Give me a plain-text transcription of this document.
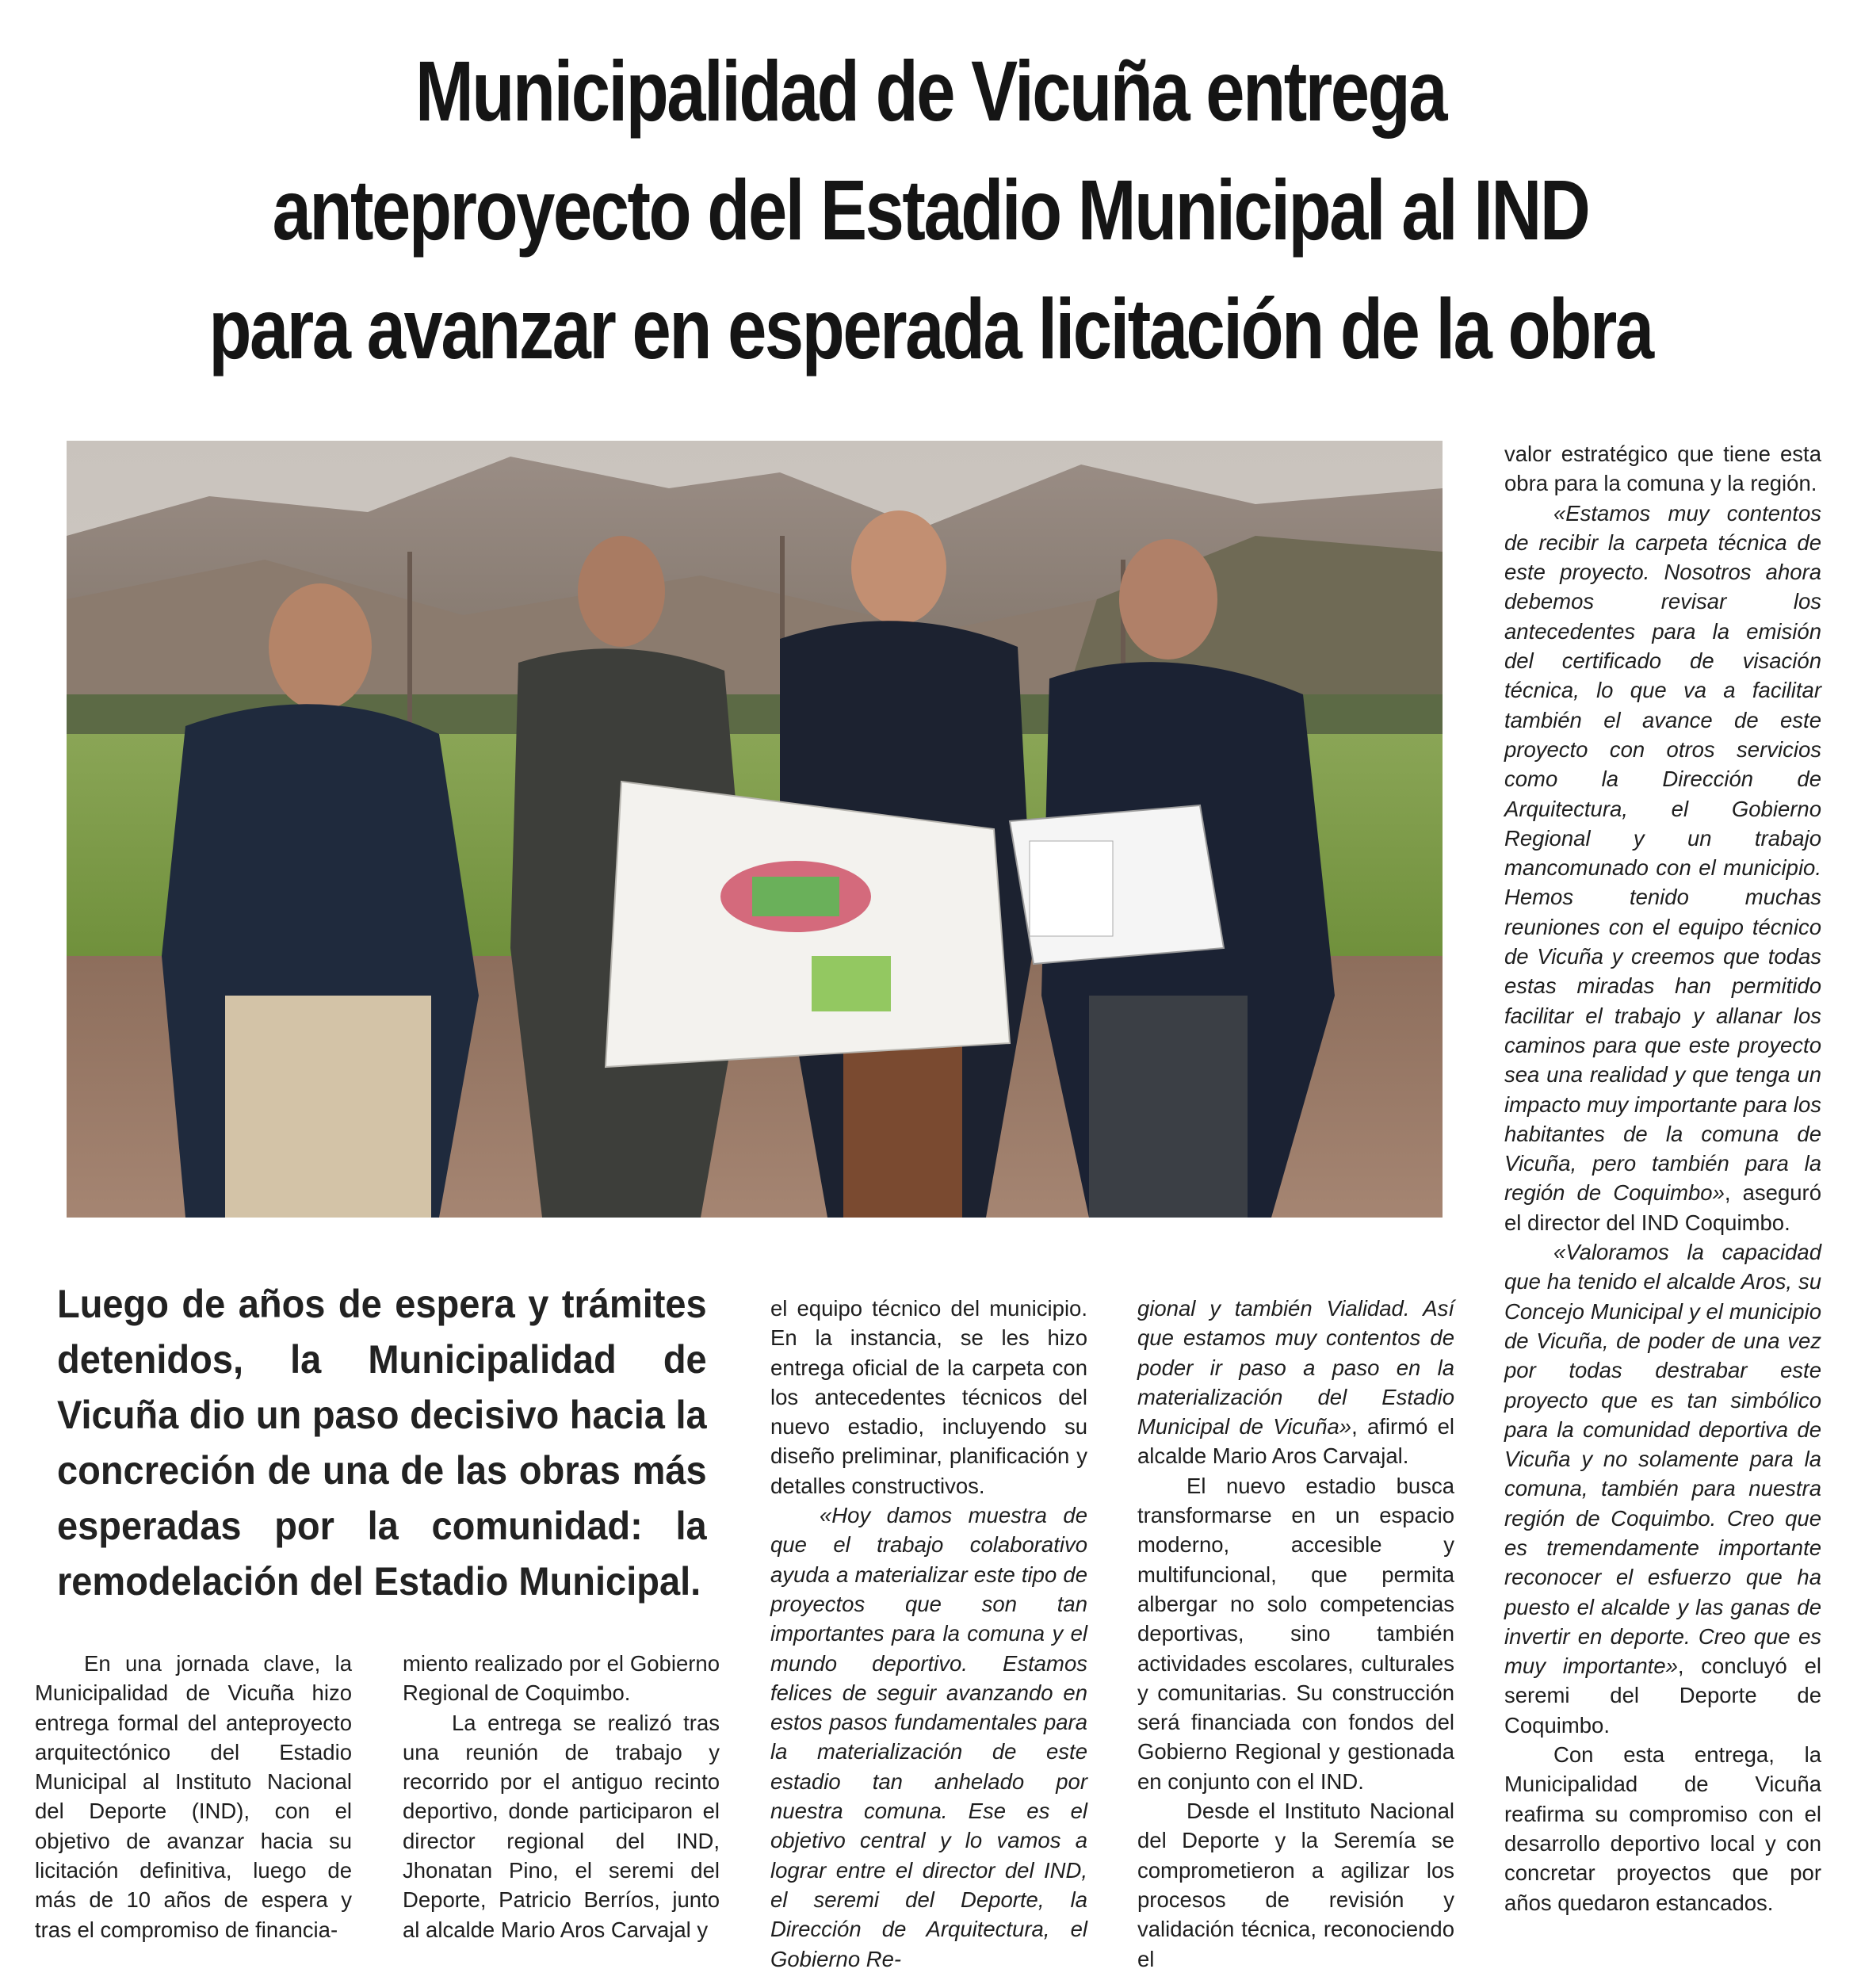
Municipalidad de Vicuña entrega
anteproyecto del Estadio Municipal al IND
para avanzar en esperada licitación de la obra
Luego de años de espera y trámites detenidos, la Municipalidad de Vicuña dio un paso decisivo hacia la concreción de una de las obras más esperadas por la comunidad: la remodelación del Estadio Municipal.

En una jornada clave, la Municipalidad de Vicuña hizo entrega formal del anteproyecto arquitectónico del Estadio Municipal al Instituto Nacional del Deporte (IND), con el objetivo de avanzar hacia su licitación definitiva, luego de más de 10 años de espera y tras el compromiso de financia-

miento realizado por el Gobierno Regional de Coquimbo.

La entrega se realizó tras una reunión de trabajo y recorrido por el antiguo recinto deportivo, donde participaron el director regional del IND, Jhonatan Pino, el seremi del Deporte, Patricio Berríos, junto al alcalde Mario Aros Carvajal y

el equipo técnico del municipio. En la instancia, se les hizo entrega oficial de la carpeta con los antecedentes técnicos del nuevo estadio, incluyendo su diseño preliminar, planificación y detalles constructivos.

«Hoy damos muestra de que el trabajo colaborativo ayuda a materializar este tipo de proyectos que son tan importantes para la comuna y el mundo deportivo. Estamos felices de seguir avanzando en estos pasos fundamentales para la materialización de este estadio tan anhelado por nuestra comuna. Ese es el objetivo central y lo vamos a lograr entre el director del IND, el seremi del Deporte, la Dirección de Arquitectura, el Gobierno Re-

gional y también Vialidad. Así que estamos muy contentos de poder ir paso a paso en la materialización del Estadio Municipal de Vicuña», afirmó el alcalde Mario Aros Carvajal.

El nuevo estadio busca transformarse en un espacio moderno, accesible y multifuncional, que permita albergar no solo competencias deportivas, sino también actividades escolares, culturales y comunitarias. Su construcción será financiada con fondos del Gobierno Regional y gestionada en conjunto con el IND.

Desde el Instituto Nacional del Deporte y la Seremía se comprometieron a agilizar los procesos de revisión y validación técnica, reconociendo el

valor estratégico que tiene esta obra para la comuna y la región.

«Estamos muy contentos de recibir la carpeta técnica de este proyecto. Nosotros ahora debemos revisar los antecedentes para la emisión del certificado de visación técnica, lo que va a facilitar también el avance de este proyecto con otros servicios como la Dirección de Arquitectura, el Gobierno Regional y un trabajo mancomunado con el municipio. Hemos tenido muchas reuniones con el equipo técnico de Vicuña y creemos que todas estas miradas han permitido facilitar el trabajo y allanar los caminos para que este proyecto sea una realidad y que tenga un impacto muy importante para los habitantes de la comuna de Vicuña, pero también para la región de Coquimbo», aseguró el director del IND Coquimbo.

«Valoramos la capacidad que ha tenido el alcalde Aros, su Concejo Municipal y el municipio de Vicuña, de poder de una vez por todas destrabar este proyecto que es tan simbólico para la comunidad deportiva de Vicuña y no solamente para la comuna, también para nuestra región de Coquimbo. Creo que es tremendamente importante reconocer el esfuerzo que ha puesto el alcalde y las ganas de invertir en deporte. Creo que es muy importante», concluyó el seremi del Deporte de Coquimbo.

Con esta entrega, la Municipalidad de Vicuña reafirma su compromiso con el desarrollo deportivo local y con concretar proyectos que por años quedaron estancados.
